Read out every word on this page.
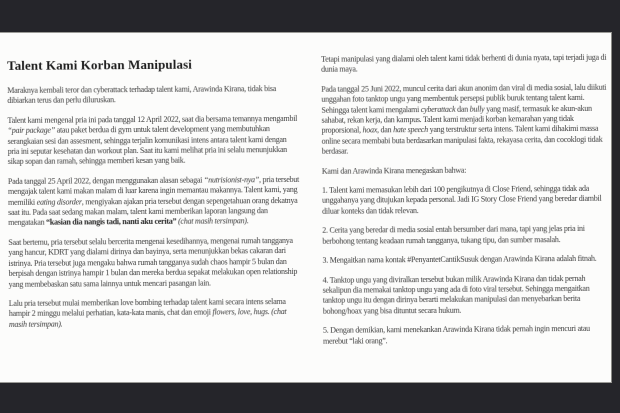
Talent Kami Korban Manipulasi

Maraknya kembali teror dan cyberattack terhadap talent kami, Arawinda Kirana, tidak bisa dibiarkan terus dan perlu diluruskan.

Talent kami mengenal pria ini pada tanggal 12 April 2022, saat dia bersama temannya mengambil “pair package” atau paket berdua di gym untuk talent development yang membutuhkan serangkaian sesi dan assesment, sehingga terjalin komunikasi intens antara talent kami dengan pria ini seputar kesehatan dan workout plan. Saat itu kami melihat pria ini selalu menunjukkan sikap sopan dan ramah, sehingga memberi kesan yang baik.

Pada tanggal 25 April 2022, dengan menggunakan alasan sebagai “nutrisionist-nya”, pria tersebut mengajak talent kami makan malam di luar karena ingin memantau makannya. Talent kami, yang memiliki eating disorder, mengiyakan ajakan pria tersebut dengan sepengetahuan orang dekatnya saat itu. Pada saat sedang makan malam, talent kami memberikan laporan langsung dan mengatakan “kasian dia nangis tadi, nanti aku cerita” (chat masih tersimpan).

Saat bertemu, pria tersebut selalu bercerita mengenai kesedihannya, mengenai rumah tangganya yang hancur, KDRT yang dialami dirinya dan bayinya, serta menunjukkan bekas cakaran dari istrinya. Pria tersebut juga mengaku bahwa rumah tangganya sudah chaos hampir 5 bulan dan berpisah dengan istrinya hampir 1 bulan dan mereka berdua sepakat melakukan open relationship yang membebaskan satu sama lainnya untuk mencari pasangan lain.

Lalu pria tersebut mulai memberikan love bombing terhadap talent kami secara intens selama hampir 2 minggu melalui perhatian, kata-kata manis, chat dan emoji flowers, love, hugs. (chat masih tersimpan).

Tetapi manipulasi yang dialami oleh talent kami tidak berhenti di dunia nyata, tapi terjadi juga di dunia maya.

Pada tanggal 25 Juni 2022, muncul cerita dari akun anonim dan viral di media sosial, lalu diikuti unggahan foto tanktop ungu yang membentuk persepsi publik buruk tentang talent kami. Sehingga talent kami mengalami cyberattack dan bully yang masif, termasuk ke akun-akun sahabat, rekan kerja, dan kampus. Talent kami menjadi korban kemarahan yang tidak proporsional, hoax, dan hate speech yang terstruktur serta intens. Talent kami dihakimi massa online secara membabi buta berdasarkan manipulasi fakta, rekayasa cerita, dan cocoklogi tidak berdasar.

Kami dan Arawinda Kirana menegaskan bahwa:

1. Talent kami memasukan lebih dari 100 pengikutnya di Close Friend, sehingga tidak ada unggahanya yang ditujukan kepada personal. Jadi IG Story Close Friend yang beredar diambil diluar konteks dan tidak relevan.

2. Cerita yang beredar di media sosial entah bersumber dari mana, tapi yang jelas pria ini berbohong tentang keadaan rumah tangganya, tukang tipu, dan sumber masalah.

3. Mengaitkan nama kontak #PenyantetCantikSusuk dengan Arawinda Kirana adalah fitnah.

4. Tanktop ungu yang diviralkan tersebut bukan milik Arawinda Kirana dan tidak pernah sekalipun dia memakai tanktop ungu yang ada di foto viral tersebut. Sehingga mengaitkan tanktop ungu itu dengan dirinya berarti melakukan manipulasi dan menyebarkan berita bohong/hoax yang bisa dituntut secara hukum.

5. Dengan demikian, kami menekankan Arawinda Kirana tidak pernah ingin mencuri atau merebut “laki orang”.
